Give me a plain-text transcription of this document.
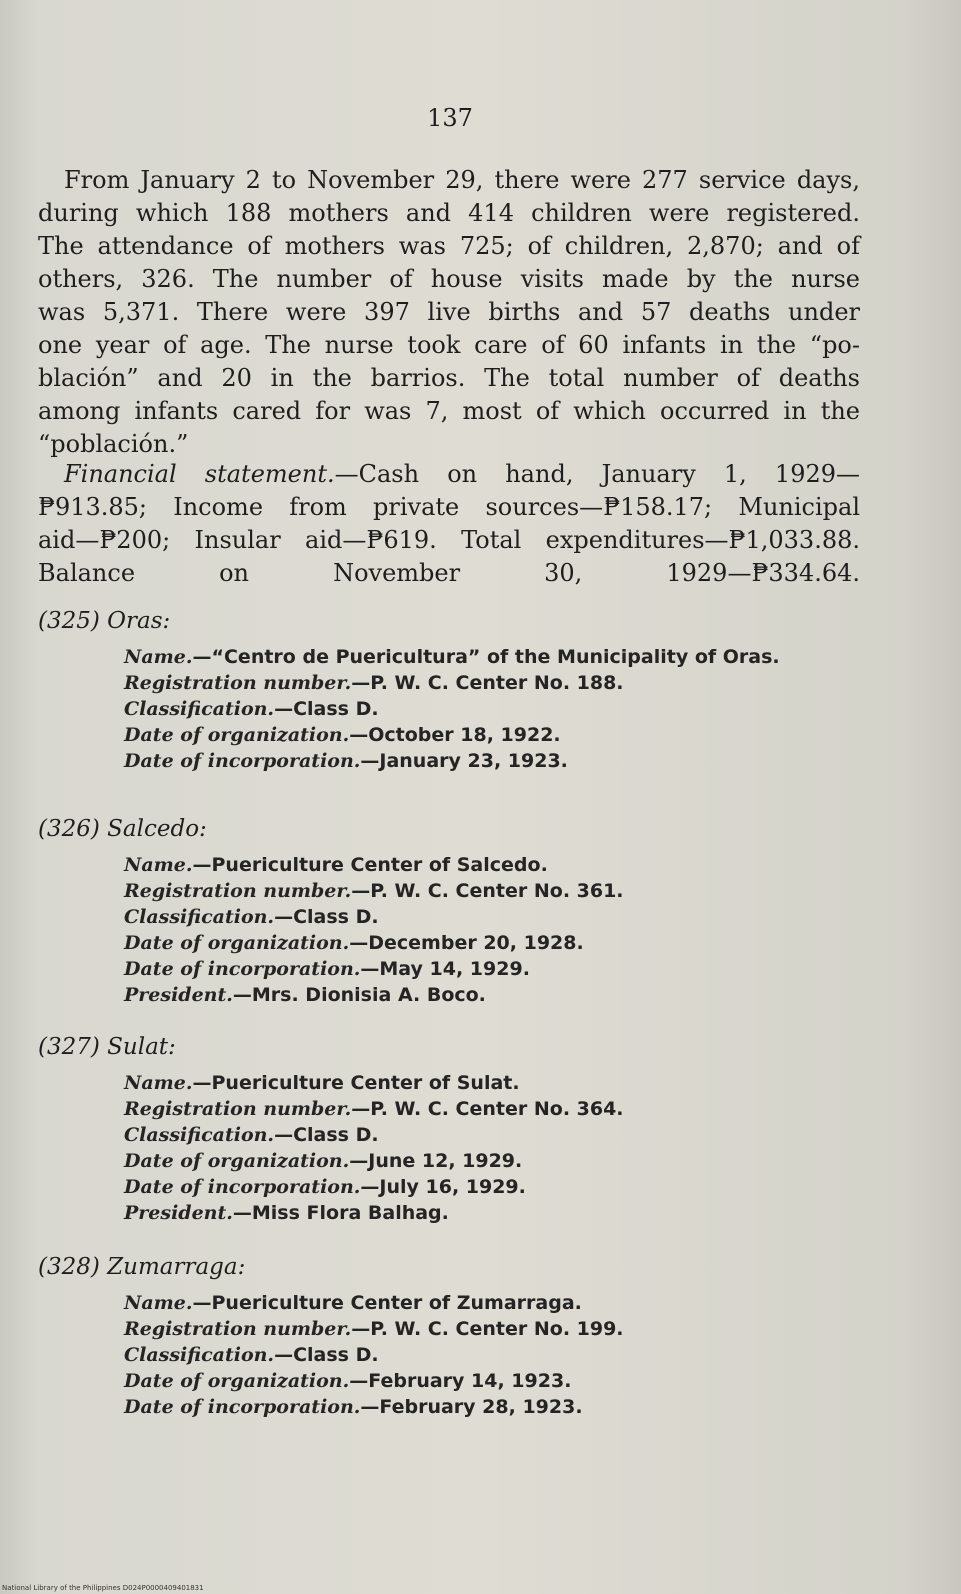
137
From January 2 to November 29, there were 277 service days,
during which 188 mothers and 414 children were registered.
The attendance of mothers was 725; of children, 2,870; and of
others, 326. The number of house visits made by the nurse
was 5,371. There were 397 live births and 57 deaths under
one year of age. The nurse took care of 60 infants in the “po-
blación” and 20 in the barrios. The total number of deaths
among infants cared for was 7, most of which occurred in the
“población.”
Financial statement.—Cash on hand, January 1, 1929—
₱913.85; Income from private sources—₱158.17; Municipal
aid—₱200; Insular aid—₱619. Total expenditures—₱1,033.88.
Balance on November 30, 1929—₱334.64.

(325) Oras:

Name.—“Centro de Puericultura” of the Municipality of Oras.
Registration number.—P. W. C. Center No. 188.
Classification.—Class D.
Date of organization.—October 18, 1922.
Date of incorporation.—January 23, 1923.

(326) Salcedo:

Name.—Puericulture Center of Salcedo.
Registration number.—P. W. C. Center No. 361.
Classification.—Class D.
Date of organization.—December 20, 1928.
Date of incorporation.—May 14, 1929.
President.—Mrs. Dionisia A. Boco.

(327) Sulat:

Name.—Puericulture Center of Sulat.
Registration number.—P. W. C. Center No. 364.
Classification.—Class D.
Date of organization.—June 12, 1929.
Date of incorporation.—July 16, 1929.
President.—Miss Flora Balhag.

(328) Zumarraga:

Name.—Puericulture Center of Zumarraga.
Registration number.—P. W. C. Center No. 199.
Classification.—Class D.
Date of organization.—February 14, 1923.
Date of incorporation.—February 28, 1923.
National Library of the Philippines D024P0000409401831
